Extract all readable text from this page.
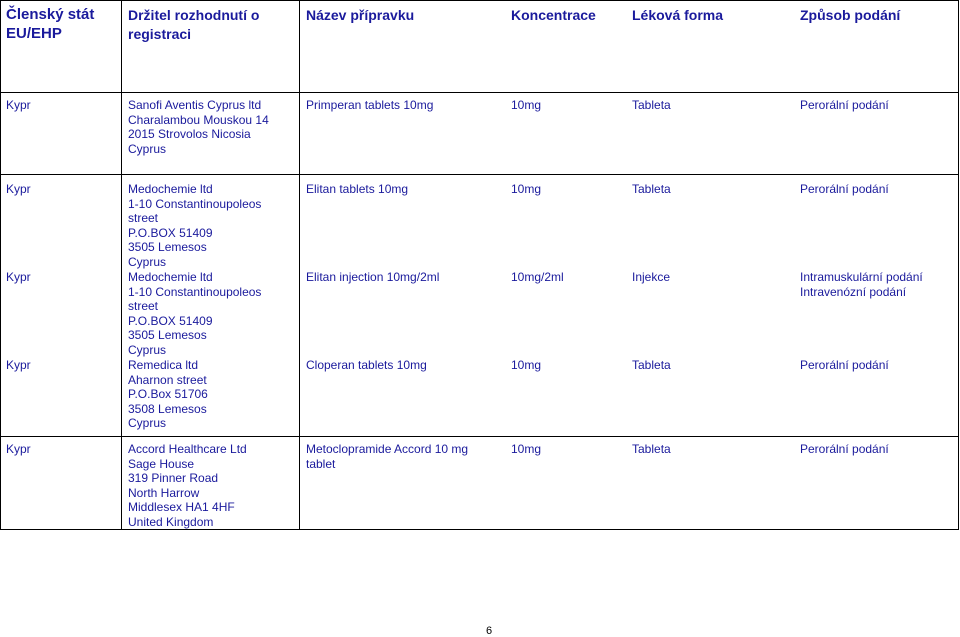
Členský stát
EU/EHP
Držitel rozhodnutí o
registraci
Název přípravku	Koncentrace	Léková forma	Způsob podání
Kypr	Sanofi Aventis Cyprus ltd
Charalambou Mouskou 14
2015 Strovolos Nicosia
Cyprus
Primperan tablets 10mg	10mg	Tableta	Perorální podání
Kypr	Medochemie ltd
1-10 Constantinoupoleos
street
P.O.BOX 51409
3505 Lemesos
Cyprus
Elitan tablets 10mg	10mg	Tableta	Perorální podání
Kypr	Medochemie ltd
1-10 Constantinoupoleos
street
P.O.BOX 51409
3505 Lemesos
Cyprus
Elitan injection 10mg/2ml	10mg/2ml	Injekce	Intramuskulární podání
Intravenózní podání
Kypr	Remedica ltd
Aharnon street
P.O.Box 51706
3508 Lemesos
Cyprus
Cloperan tablets 10mg	10mg	Tableta	Perorální podání
Kypr	Accord Healthcare Ltd
Sage House
319 Pinner Road
North Harrow
Middlesex HA1 4HF
United Kingdom
Metoclopramide Accord 10 mg
tablet
10mg	Tableta	Perorální podání
6
